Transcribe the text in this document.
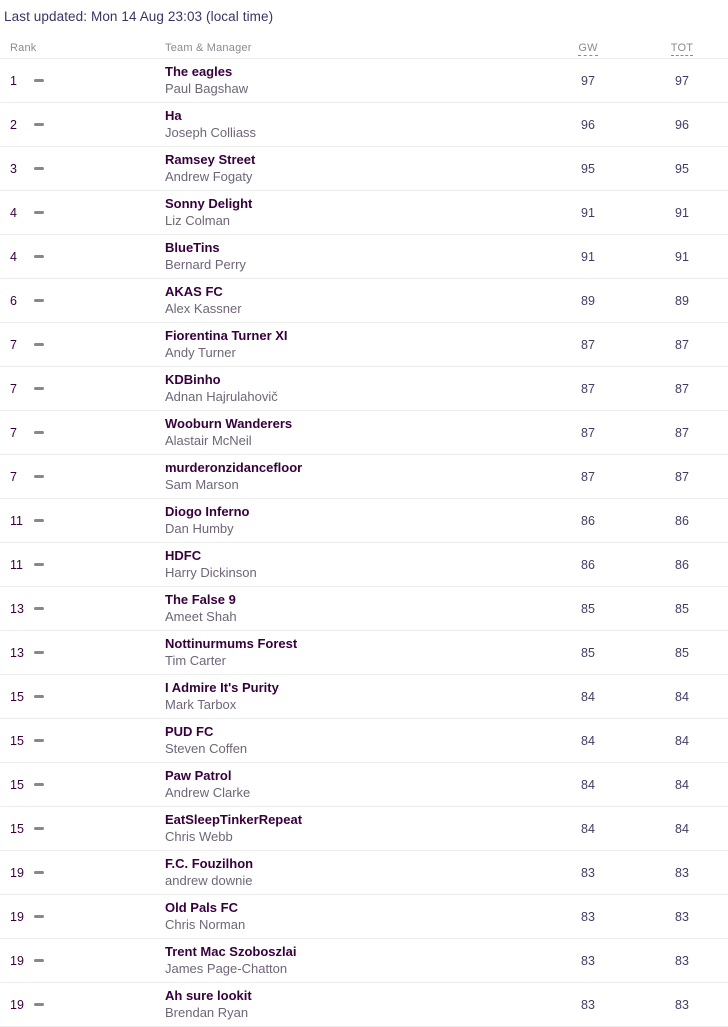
Last updated: Mon 14 Aug 23:03 (local time)
Rank	Team & Manager	GW	TOT
1
The eagles
Paul Bagshaw	97	97
2
Ha
Joseph Colliass	96	96
3
Ramsey Street
Andrew Fogaty	95	95
4
Sonny Delight
Liz Colman	91	91
4
BlueTins
Bernard Perry	91	91
6
AKAS FC
Alex Kassner	89	89
7
Fiorentina Turner XI
Andy Turner	87	87
7
KDBinho
Adnan Hajrulahovič	87	87
7
Wooburn Wanderers
Alastair McNeil	87	87
7
murderonzidancefloor
Sam Marson	87	87
11
Diogo Inferno
Dan Humby	86	86
11
HDFC
Harry Dickinson	86	86
13
The False 9
Ameet Shah	85	85
13
Nottinurmums Forest
Tim Carter	85	85
15
I Admire It's Purity
Mark Tarbox	84	84
15
PUD FC
Steven Coffen	84	84
15
Paw Patrol
Andrew Clarke	84	84
15
EatSleepTinkerRepeat
Chris Webb	84	84
19
F.C. Fouzilhon
andrew downie	83	83
19
Old Pals FC
Chris Norman	83	83
19
Trent Mac Szoboszlai
James Page-Chatton	83	83
19
Ah sure lookit
Brendan Ryan	83	83
